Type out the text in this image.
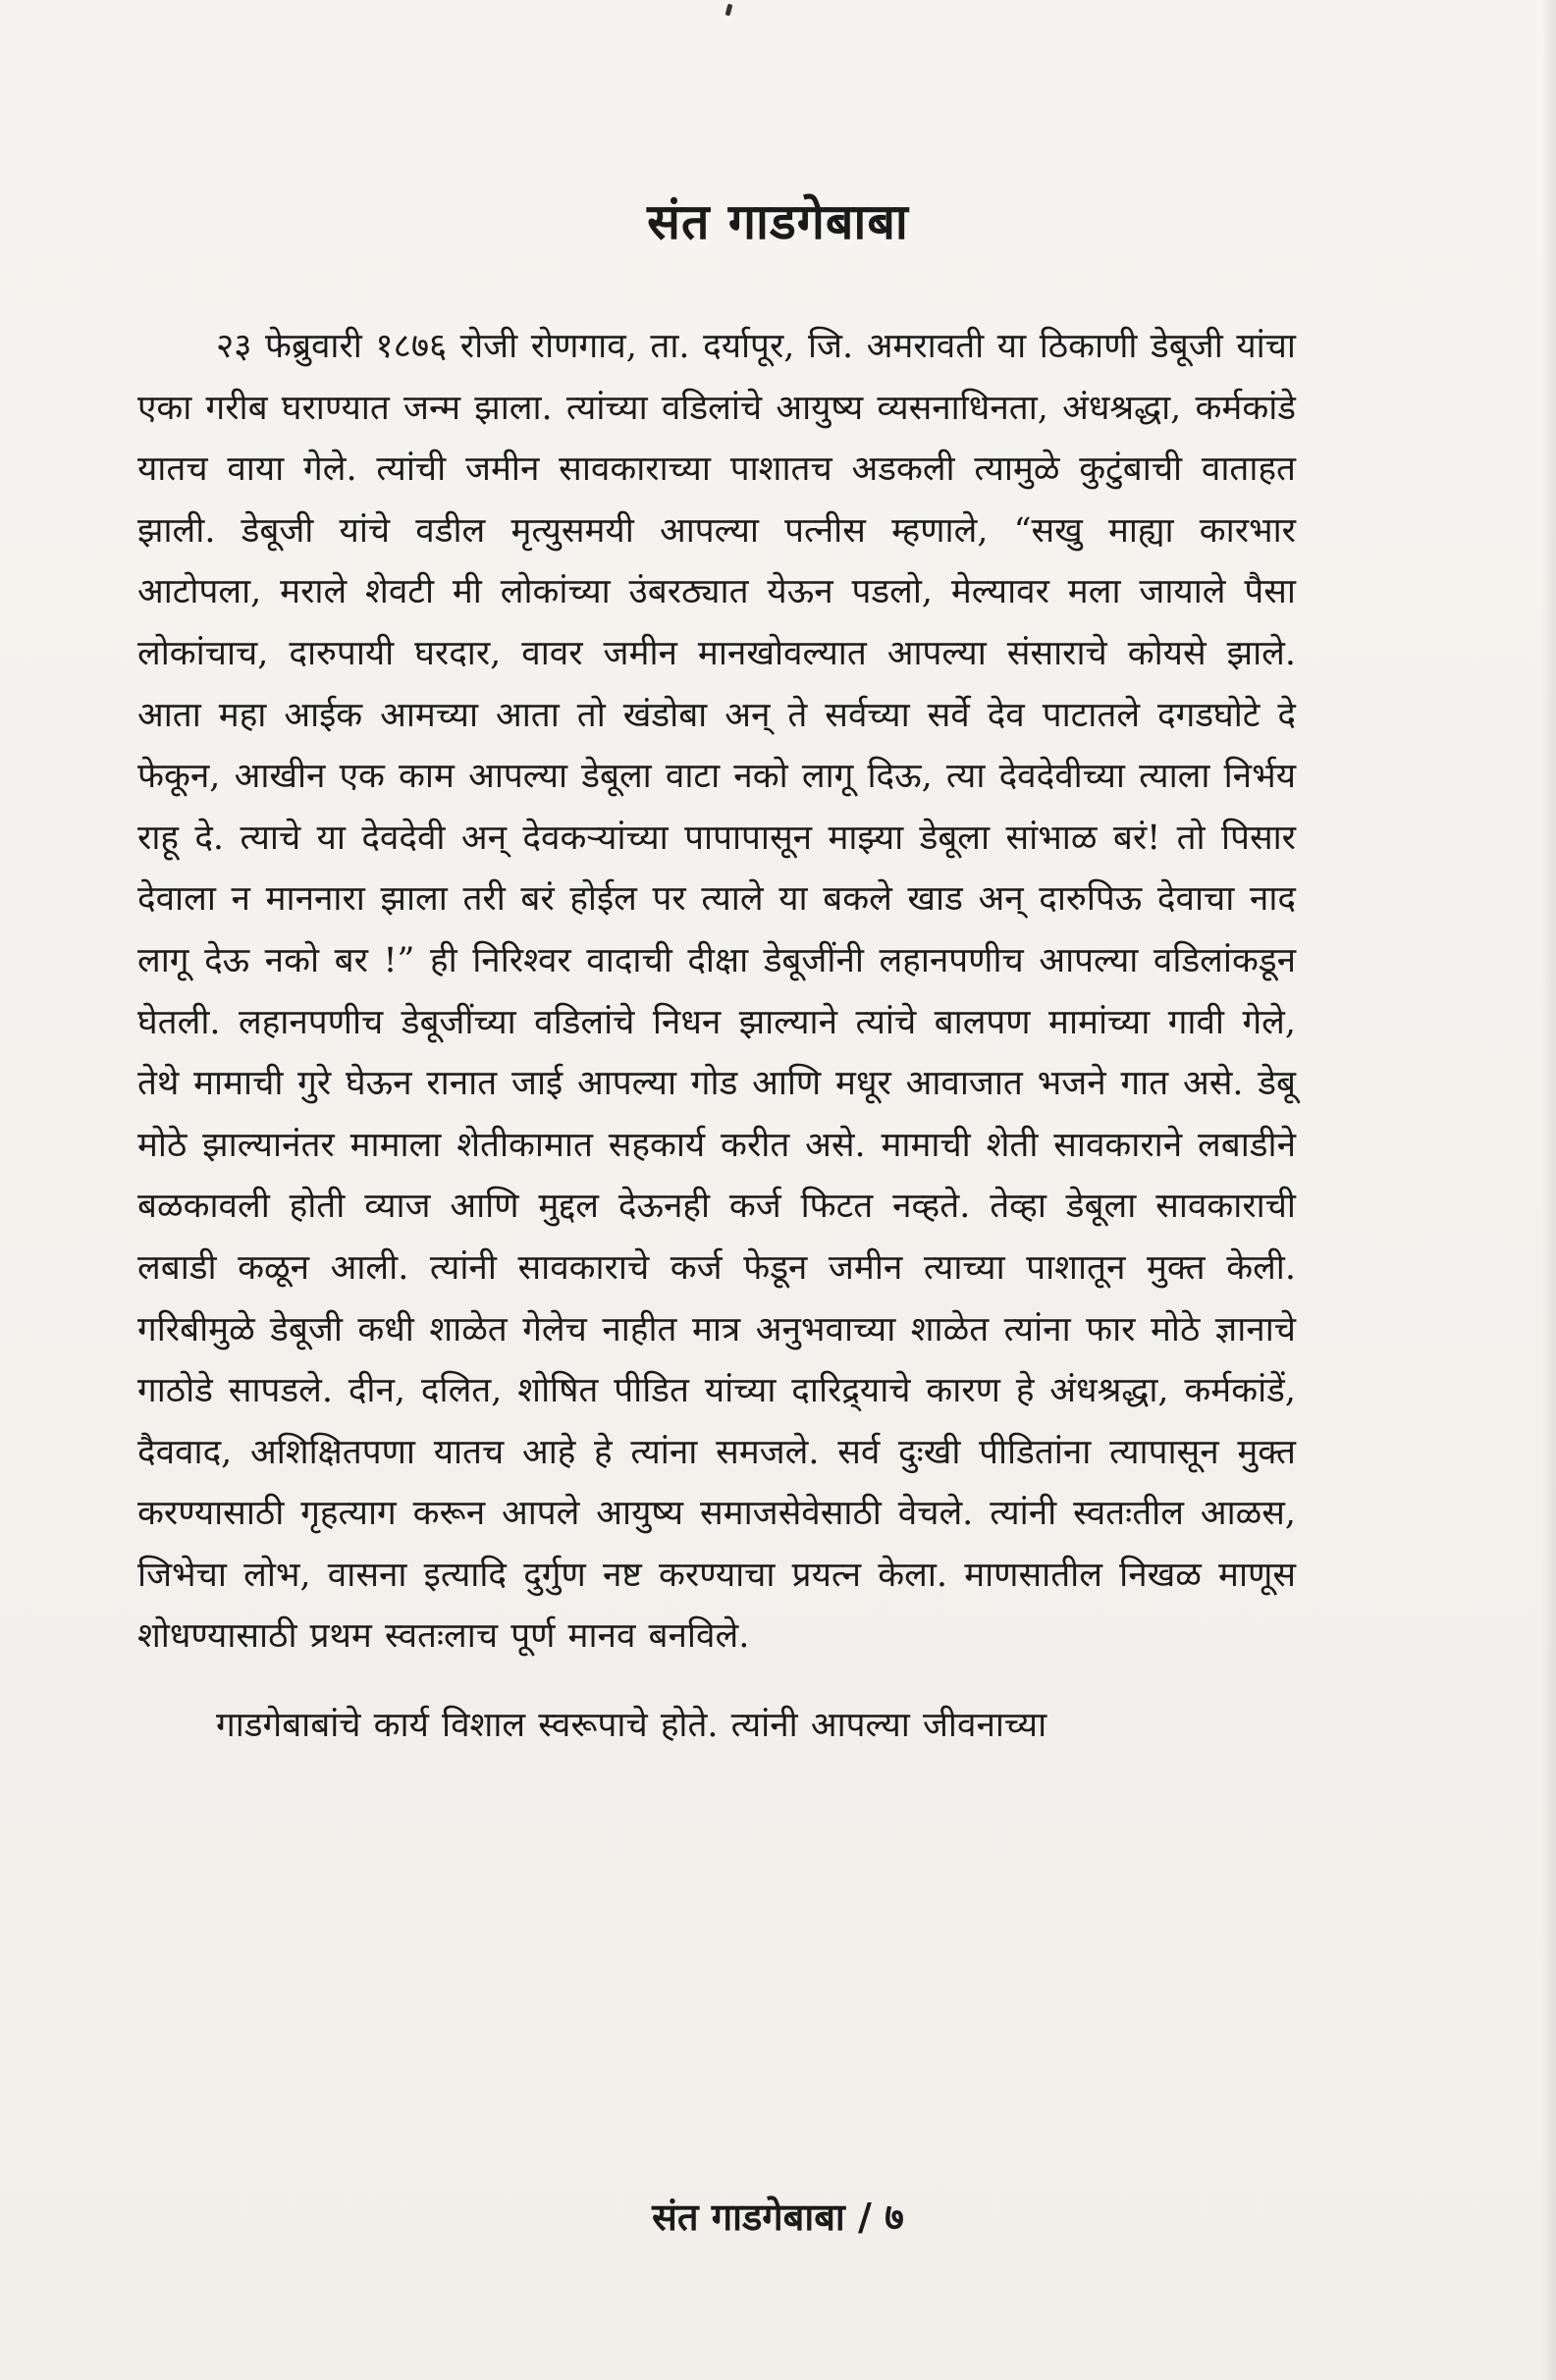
संत गाडगेबाबा

२३ फेब्रुवारी १८७६ रोजी रोणगाव, ता. दर्यापूर, जि. अमरावती या ठिकाणी डेबूजी यांचा एका गरीब घराण्यात जन्म झाला. त्यांच्या वडिलांचे आयुष्य व्यसनाधिनता, अंधश्रद्धा, कर्मकांडे यातच वाया गेले. त्यांची जमीन सावकाराच्या पाशातच अडकली त्यामुळे कुटुंबाची वाताहत झाली. डेबूजी यांचे वडील मृत्युसमयी आपल्या पत्नीस म्हणाले, “सखु माह्या कारभार आटोपला, मराले शेवटी मी लोकांच्या उंबरठ्यात येऊन पडलो, मेल्यावर मला जायाले पैसा लोकांचाच, दारुपायी घरदार, वावर जमीन मानखोवल्यात आपल्या संसाराचे कोयसे झाले. आता महा आईक आमच्या आता तो खंडोबा अन् ते सर्वच्या सर्वे देव पाटातले दगडघोटे दे फेकून, आखीन एक काम आपल्या डेबूला वाटा नको लागू दिऊ, त्या देवदेवीच्या त्याला निर्भय राहू दे. त्याचे या देवदेवी अन् देवकऱ्यांच्या पापापासून माझ्या डेबूला सांभाळ बरं! तो पिसार देवाला न माननारा झाला तरी बरं होईल पर त्याले या बकले खाड अन् दारुपिऊ देवाचा नाद लागू देऊ नको बर !” ही निरिश्वर वादाची दीक्षा डेबूजींनी लहानपणीच आपल्या वडिलांकडून घेतली. लहानपणीच डेबूजींच्या वडिलांचे निधन झाल्याने त्यांचे बालपण मामांच्या गावी गेले, तेथे मामाची गुरे घेऊन रानात जाई आपल्या गोड आणि मधूर आवाजात भजने गात असे. डेबू मोठे झाल्यानंतर मामाला शेतीकामात सहकार्य करीत असे. मामाची शेती सावकाराने लबाडीने बळकावली होती व्याज आणि मुद्दल देऊनही कर्ज फिटत नव्हते. तेव्हा डेबूला सावकाराची लबाडी कळून आली. त्यांनी सावकाराचे कर्ज फेडून जमीन त्याच्या पाशातून मुक्त केली. गरिबीमुळे डेबूजी कधी शाळेत गेलेच नाहीत मात्र अनुभवाच्या शाळेत त्यांना फार मोठे ज्ञानाचे गाठोडे सापडले. दीन, दलित, शोषित पीडित यांच्या दारिद्र्याचे कारण हे अंधश्रद्धा, कर्मकांडें, दैववाद, अशिक्षितपणा यातच आहे हे त्यांना समजले. सर्व दुःखी पीडितांना त्यापासून मुक्त करण्यासाठी गृहत्याग करून आपले आयुष्य समाजसेवेसाठी वेचले. त्यांनी स्वतःतील आळस, जिभेचा लोभ, वासना इत्यादि दुर्गुण नष्ट करण्याचा प्रयत्न केला. माणसातील निखळ माणूस शोधण्यासाठी प्रथम स्वतःलाच पूर्ण मानव बनविले.

गाडगेबाबांचे कार्य विशाल स्वरूपाचे होते. त्यांनी आपल्या जीवनाच्या

संत गाडगेबाबा / ७
